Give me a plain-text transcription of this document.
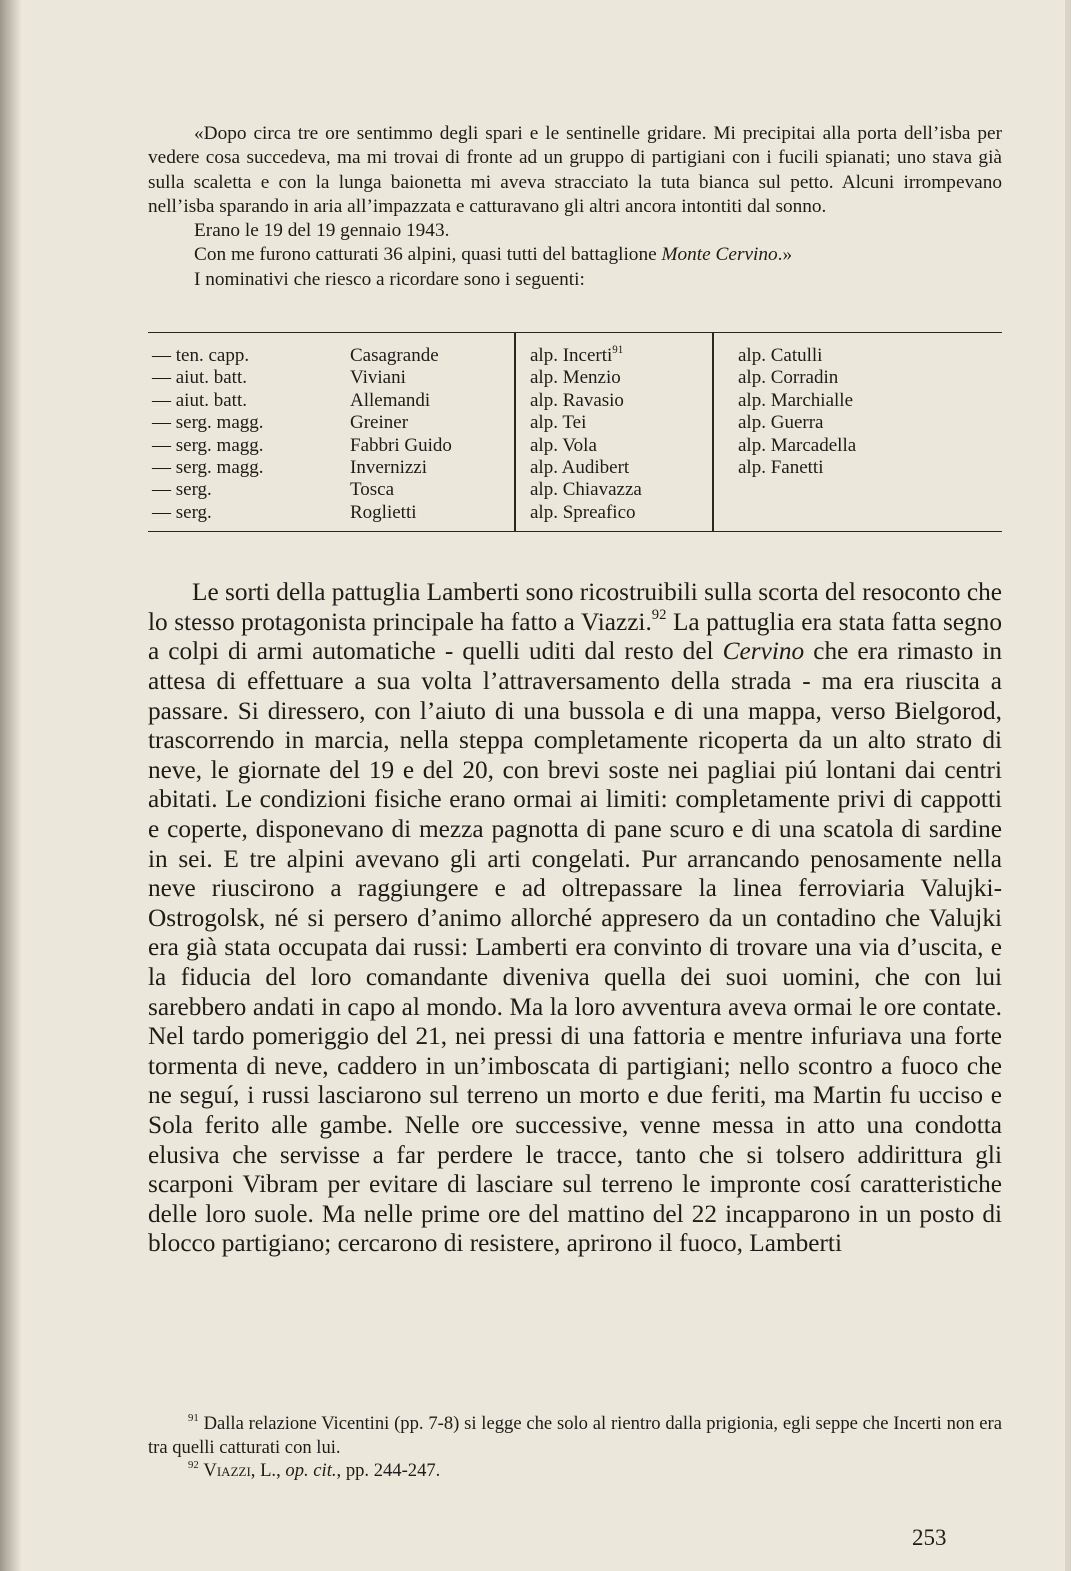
«Dopo circa tre ore sentimmo degli spari e le sentinelle gridare. Mi precipitai alla porta dell’isba per vedere cosa succedeva, ma mi trovai di fronte ad un gruppo di partigiani con i fucili spianati; uno stava già sulla scaletta e con la lunga baionetta mi aveva stracciato la tuta bianca sul petto. Alcuni irrompevano nell’isba sparando in aria all’impazzata e catturavano gli altri ancora intontiti dal sonno.

Erano le 19 del 19 gennaio 1943.

Con me furono catturati 36 alpini, quasi tutti del battaglione Monte Cervino.»

I nominativi che riesco a ricordare sono i seguenti:

— ten. capp.
— aiut. batt.
— aiut. batt.
— serg. magg.
— serg. magg.
— serg. magg.
— serg.
— serg.
Casagrande
Viviani
Allemandi
Greiner
Fabbri Guido
Invernizzi
Tosca
Roglietti
alp. Incerti$^{91}$
alp. Menzio
alp. Ravasio
alp. Tei
alp. Vola
alp. Audibert
alp. Chiavazza
alp. Spreafico
alp. Catulli
alp. Corradin
alp. Marchialle
alp. Guerra
alp. Marcadella
alp. Fanetti

Le sorti della pattuglia Lamberti sono ricostruibili sulla scorta del resoconto che lo stesso protagonista principale ha fatto a Viazzi.$^{92}$ La pattuglia era stata fatta segno a colpi di armi automatiche - quelli uditi dal resto del Cervino che era rimasto in attesa di effettuare a sua volta l’attraversamento della strada - ma era riuscita a passare. Si diressero, con l’aiuto di una bussola e di una mappa, verso Bielgorod, trascorrendo in marcia, nella steppa completamente ricoperta da un alto strato di neve, le giornate del 19 e del 20, con brevi soste nei pagliai piú lontani dai centri abitati. Le condizioni fisiche erano ormai ai limiti: completamente privi di cappotti e coperte, disponevano di mezza pagnotta di pane scuro e di una scatola di sardine in sei. E tre alpini avevano gli arti congelati. Pur arrancando penosamente nella neve riuscirono a raggiungere e ad oltrepassare la linea ferroviaria Valujki-Ostrogolsk, né si persero d’animo allorché appresero da un contadino che Valujki era già stata occupata dai russi: Lamberti era convinto di trovare una via d’uscita, e la fiducia del loro comandante diveniva quella dei suoi uomini, che con lui sarebbero andati in capo al mondo. Ma la loro avventura aveva ormai le ore contate. Nel tardo pomeriggio del 21, nei pressi di una fattoria e mentre infuriava una forte tormenta di neve, caddero in un’imboscata di partigiani; nello scontro a fuoco che ne seguí, i russi lasciarono sul terreno un morto e due feriti, ma Martin fu ucciso e Sola ferito alle gambe. Nelle ore successive, venne messa in atto una condotta elusiva che servisse a far perdere le tracce, tanto che si tolsero addirittura gli scarponi Vibram per evitare di lasciare sul terreno le impronte cosí caratteristiche delle loro suole. Ma nelle prime ore del mattino del 22 incapparono in un posto di blocco partigiano; cercarono di resistere, aprirono il fuoco, Lamberti

$^{91}$ Dalla relazione Vicentini (pp. 7-8) si legge che solo al rientro dalla prigionia, egli seppe che Incerti non era tra quelli catturati con lui.

$^{92}$ Viazzi, L., op. cit., pp. 244-247.

253
